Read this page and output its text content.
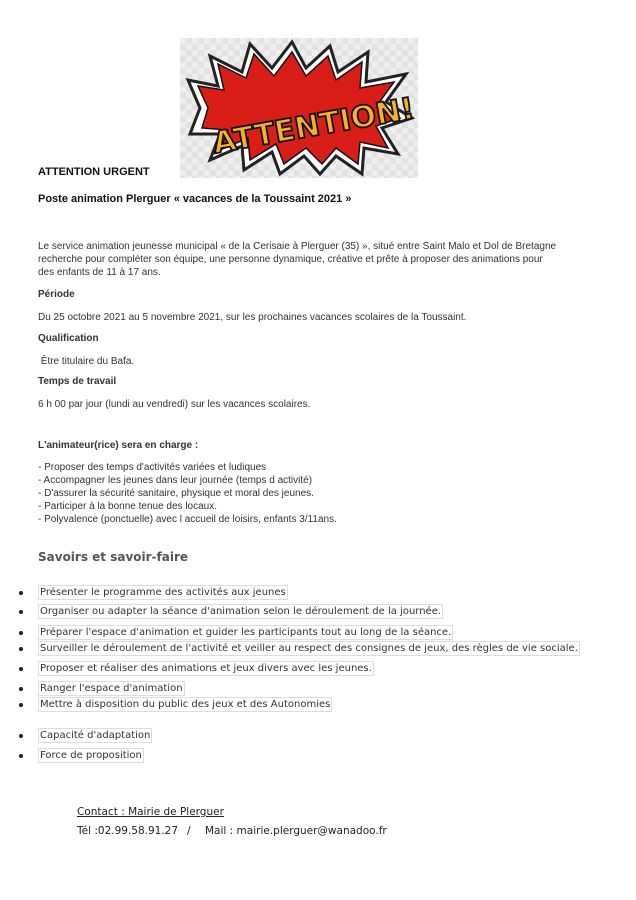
ATTENTION!
ATTENTION URGENT
Poste animation Plerguer « vacances de la Toussaint 2021 »
Le service animation jeunesse municipal « de la Cerisaie à Plerguer (35) », situé entre Saint Malo et Dol de Bretagne
recherche pour compléter son équipe, une personne dynamique, créative et prête à proposer des animations pour
des enfants de 11 à 17 ans.
Période
Du 25 octobre 2021 au 5 novembre 2021, sur les prochaines vacances scolaires de la Toussaint.
Qualification
Être titulaire du Bafa.
Temps de travail
6 h 00 par jour (lundi au vendredi) sur les vacances scolaires.
L'animateur(rice) sera en charge :
- Proposer des temps d'activités variées et ludiques
- Accompagner les jeunes dans leur journée (temps d activité)
- D'assurer la sécurité sanitaire, physique et moral des jeunes.
- Participer à la bonne tenue des locaux.
- Polyvalence (ponctuelle) avec l accueil de loisirs, enfants 3/11ans.
Savoirs et savoir-faire
Présenter le programme des activités aux jeunes
Organiser ou adapter la séance d'animation selon le déroulement de la journée.
Préparer l'espace d'animation et guider les participants tout au long de la séance.
Surveiller le déroulement de l'activité et veiller au respect des consignes de jeux, des règles de vie sociale.
Proposer et réaliser des animations et jeux divers avec les jeunes.
Ranger l'espace d'animation
Mettre à disposition du public des jeux et des Autonomies
Capacité d'adaptation
Force de proposition
Contact : Mairie de Plerguer
Tél :02.99.58.91.27 / Mail : mairie.plerguer@wanadoo.fr
